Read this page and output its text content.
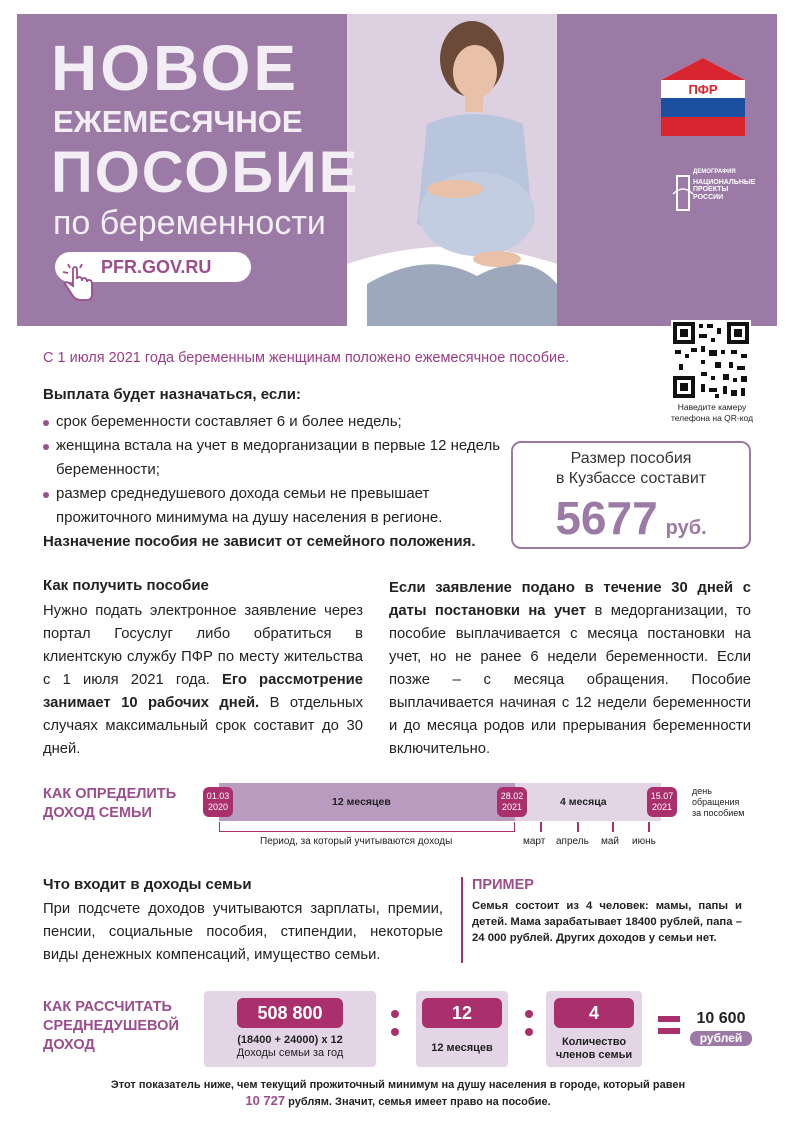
НОВОЕ
ЕЖЕМЕСЯЧНОЕ
ПОСОБИЕ
по беременности
PFR.GOV.RU
ПФР
ДЕМОГРАФИЯ
НАЦИОНАЛЬНЫЕ ПРОЕКТЫ РОССИИ
С 1 июля 2021 года беременным женщинам положено ежемесячное пособие.
Наведите камеру телефона на QR-код
Выплата будет назначаться, если:
срок беременности составляет 6 и более недель;
женщина встала на учет в медорганизации в первые 12 недель беременности;
размер среднедушевого дохода семьи не превышает прожиточного минимума на душу населения в регионе.
Назначение пособия не зависит от семейного положения.
Размер пособия
в Кузбассе составит
5677 руб.
Как получить пособие
Нужно подать электронное заявление через портал Госуслуг либо обратиться в клиентскую службу ПФР по месту жительства с 1 июля 2021 года. Его рассмотрение занимает 10 рабочих дней. В отдельных случаях максимальный срок составит до 30 дней.
Если заявление подано в течение 30 дней с даты постановки на учет в медорганизации, то пособие выплачивается с месяца постановки на учет, но не ранее 6 недели беременности. Если позже – с месяца обращения. Пособие выплачивается начиная с 12 недели беременности и до месяца родов или прерывания беременности включительно.
КАК ОПРЕДЕЛИТЬ
ДОХОД СЕМЬИ
12 месяцев	4 месяца
01.03
2020
28.02
2021
15.07
2021
день
обращения
за пособием
Период, за который учитываются доходы	март апрель май июнь
Что входит в доходы семьи
При подсчете доходов учитываются зарплаты, премии, пенсии, социальные пособия, стипендии, некоторые виды денежных компенсаций, имущество семьи.
ПРИМЕР
Семья состоит из 4 человек: мамы, папы и детей. Мама зарабатывает 18400 рублей, папа – 24 000 рублей. Других доходов у семьи нет.
КАК РАССЧИТАТЬ
СРЕДНЕДУШЕВОЙ
ДОХОД
508 800
(18400 + 24000) х 12
Доходы семьи за год
12
12 месяцев
4
Количество
членов семьи
10 600
рублей
Этот показатель ниже, чем текущий прожиточный минимум на душу населения в городе, который равен
10 727 рублям. Значит, семья имеет право на пособие.
